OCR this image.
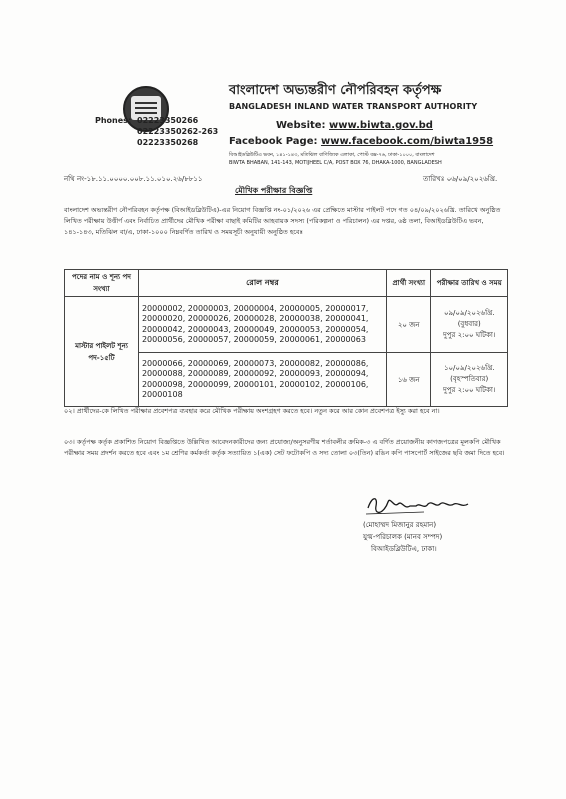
Phones: 02223350266
02223350262-263
02223350268
বাংলাদেশ অভ্যন্তরীণ নৌপরিবহন কর্তৃপক্ষ
BANGLADESH INLAND WATER TRANSPORT AUTHORITY
Website: www.biwta.gov.bd
Facebook Page: www.facebook.com/biwta1958
বিআইডব্লিউটিএ ভবন, ১৪১-১৪৩, মতিঝিল বাণিজ্যিক এলাকা, পোস্ট বক্স-৭৬, ঢাকা-১০০০, বাংলাদেশ
BIWTA BHABAN, 141-143, MOTIJHEEL C/A, POST BOX 76, DHAKA-1000, BANGLADESH
নথি নং-১৮.১১.০০০০.০০৮.১১.০১০.২৬/৮৮১১	তারিখঃ ০৬/০৯/২০২৬খ্রি.
মৌখিক পরীক্ষার বিজ্ঞপ্তি
বাংলাদেশ অভ্যন্তরীণ নৌপরিবহন কর্তৃপক্ষ (বিআইডব্লিউটিএ)-এর নিয়োগ বিজ্ঞপ্তি নং-০১/২০২৬ এর প্রেক্ষিতে মাস্টার পাইলট পদে গত ০৪/০৯/২০২৬খ্রি. তারিখে অনুষ্ঠিত লিখিত পরীক্ষায় উত্তীর্ণ এবং নির্বাচিত প্রার্থীদের মৌখিক পরীক্ষা বাছাই কমিটির আহবায়ক সদস্য (পরিকল্পনা ও পরিচালন) এর দপ্তর, ৬ষ্ঠ তলা, বিআইডব্লিউটিএ ভবন, ১৪১-১৪৩, মতিঝিল বা/এ, ঢাকা-১০০০ নিম্নবর্ণিত তারিখ ও সময়সূচী অনুযায়ী অনুষ্ঠিত হবেঃ
পদের নাম ও শূন্য পদ সংখ্যা	রোল নম্বর	প্রার্থী সংখ্যা	পরীক্ষার তারিখ ও সময়
মাস্টার পাইলট শূন্য পদ-১৫টি	20000002, 20000003, 20000004, 20000005, 20000017, 20000020, 20000026, 20000028, 20000038, 20000041, 20000042, 20000043, 20000049, 20000053, 20000054, 20000056, 20000057, 20000059, 20000061, 20000063	২০ জন	০৯/০৯/২০২৬খ্রি.
(বুধবার)
দুপুর ২:০০ ঘটিকা।

	20000066, 20000069, 20000073, 20000082, 20000086, 20000088, 20000089, 20000092, 20000093, 20000094, 20000098, 20000099, 20000101, 20000102, 20000106, 20000108	১৬ জন	১০/০৯/২০২৬খ্রি.
(বৃহস্পতিবার)
দুপুর ২:০০ ঘটিকা।
০২। প্রার্থীদের-কে লিখিত পরীক্ষার প্রবেশপত্র ব্যবহার করে মৌখিক পরীক্ষায় অংশগ্রহণ করতে হবে। নতুন করে আর কোন প্রবেশপত্র ইস্যু করা হবে না।
০৩। কর্তৃপক্ষ কর্তৃক প্রকাশিত নিয়োগ বিজ্ঞপ্তিতে উল্লিখিত আবেদনকারীদের জন্য প্রযোজ্য/অনুসরণীয় শর্তাবলীর ক্রমিক-৩ এ বর্ণিত প্রয়োজনীয় কাগজপত্রের মূলকপি মৌখিক পরীক্ষার সময় প্রদর্শন করতে হবে এবং ১ম শ্রেণির কর্মকর্তা কর্তৃক সত্যায়িত ১(এক) সেট ফটোকপি ও সদ্য তোলা ০৩(তিন) রঙিন কপি পাসপোর্ট সাইজের ছবি জমা দিতে হবে।
(মোহাম্মদ মিজানুর রহমান)
যুগ্ম-পরিচালক (মানব সম্পদ)
বিআইডব্লিউটিএ, ঢাকা।
